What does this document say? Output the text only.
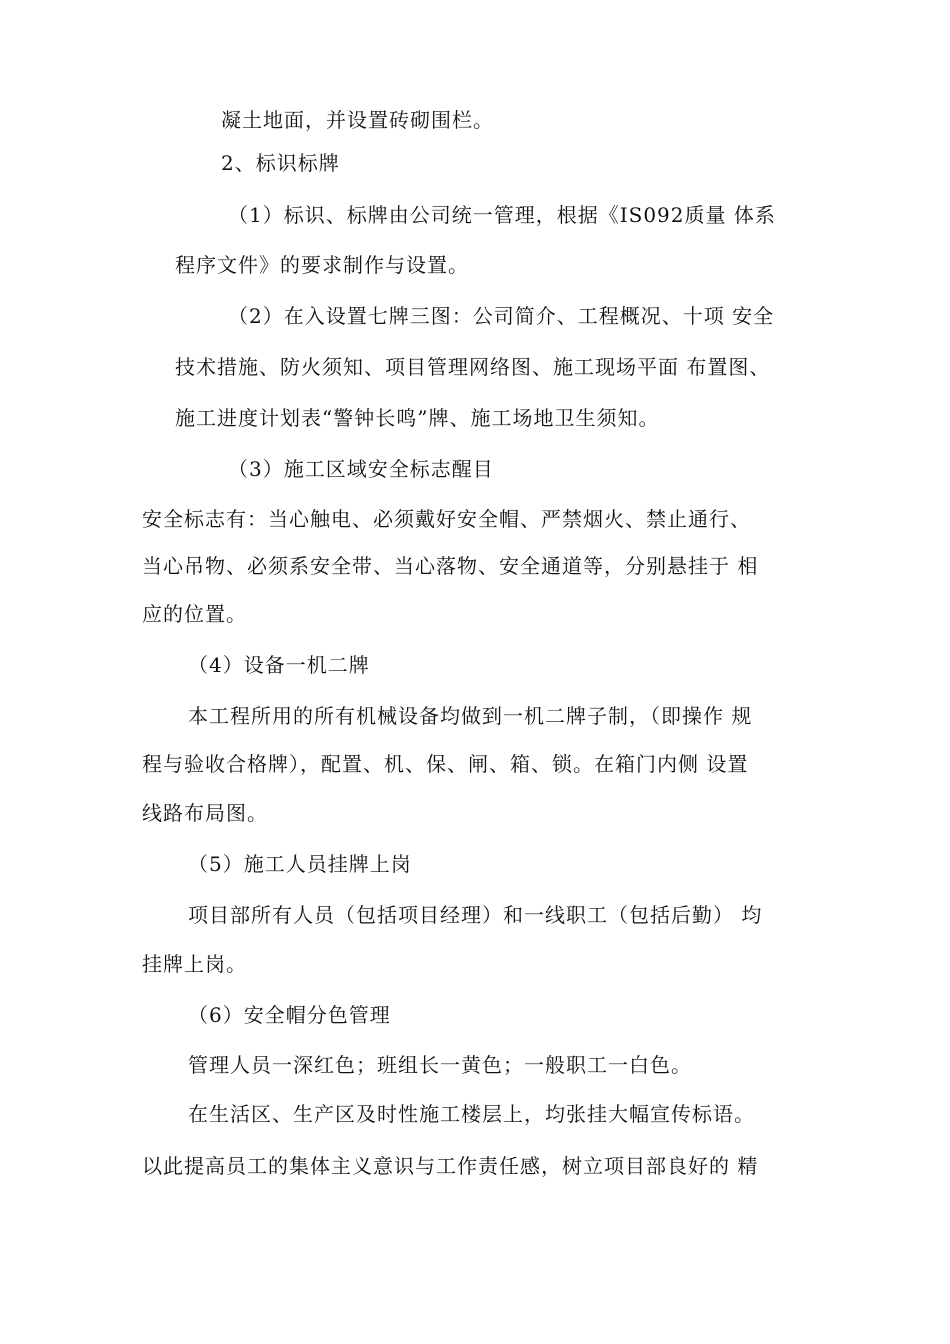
凝土地面，并设置砖砌围栏。
2、标识标牌
（1）标识、标牌由公司统一管理，根据《IS092质量 体系
程序文件》的要求制作与设置。
（2）在入设置七牌三图：公司简介、工程概况、十项 安全
技术措施、防火须知、项目管理网络图、施工现场平面 布置图、
施工进度计划表“警钟长鸣”牌、施工场地卫生须知。
（3）施工区域安全标志醒目
安全标志有：当心触电、必须戴好安全帽、严禁烟火、禁止通行、
当心吊物、必须系安全带、当心落物、安全通道等，分别悬挂于 相
应的位置。
（4）设备一机二牌
本工程所用的所有机械设备均做到一机二牌子制，（即操作 规
程与验收合格牌），配置、机、保、闸、箱、锁。在箱门内侧 设置
线路布局图。
（5）施工人员挂牌上岗
项目部所有人员（包括项目经理）和一线职工（包括后勤） 均
挂牌上岗。
（6）安全帽分色管理
管理人员一深红色；班组长一黄色；一般职工一白色。
在生活区、生产区及时性施工楼层上，均张挂大幅宣传标语。
以此提高员工的集体主义意识与工作责任感，树立项目部良好的 精
